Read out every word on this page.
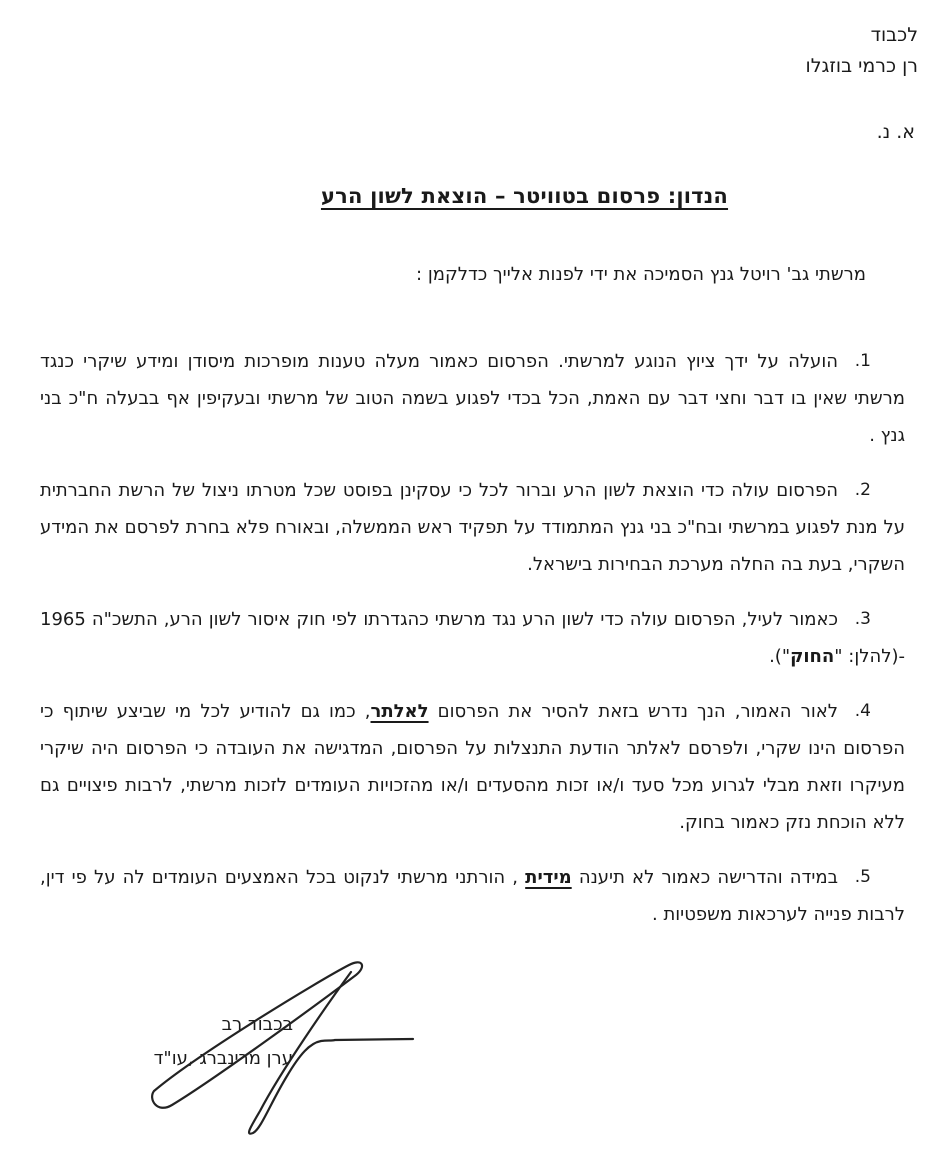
לכבוד
רן כרמי בוזגלו
א. נ.
הנדון: פרסום בטוויטר – הוצאת לשון הרע
מרשתי גב' רויטל גנץ הסמיכה את ידי לפנות אלייך כדלקמן :
1.

הועלה על ידך ציוץ הנוגע למרשתי. הפרסום כאמור מעלה טענות מופרכות מיסודן ומידע שיקרי כנגד מרשתי שאין בו דבר וחצי דבר עם האמת, הכל בכדי לפגוע בשמה הטוב של מרשתי ובעקיפין אף בבעלה ח"כ בני גנץ .

2.

הפרסום עולה כדי הוצאת לשון הרע וברור לכל כי עסקינן בפוסט שכל מטרתו ניצול של הרשת החברתית על מנת לפגוע במרשתי ובח"כ בני גנץ המתמודד על תפקיד ראש הממשלה, ובאורח פלא בחרת לפרסם את המידע השקרי, בעת בה החלה מערכת הבחירות בישראל.

3.

כאמור לעיל, הפרסום עולה כדי לשון הרע נגד מרשתי כהגדרתו לפי חוק איסור לשון הרע, התשכ"ה 1965 -(להלן: "החוק").

4.

לאור האמור, הנך נדרש בזאת להסיר את הפרסום לאלתר, כמו גם להודיע לכל מי שביצע שיתוף כי הפרסום הינו שקרי, ולפרסם לאלתר הודעת התנצלות על הפרסום, המדגישה את העובדה כי הפרסום היה שיקרי מעיקרו וזאת מבלי לגרוע מכל סעד ו/או זכות מהסעדים ו/או מהזכויות העומדים לזכות מרשתי, לרבות פיצויים גם ללא הוכחת נזק כאמור בחוק.

5.

במידה והדרישה כאמור לא תיענה מידית , הורתני מרשתי לנקוט בכל האמצעים העומדים לה על פי דין, לרבות פנייה לערכאות משפטיות .

בכבוד רב
ערן מרינברג ,עו"ד
